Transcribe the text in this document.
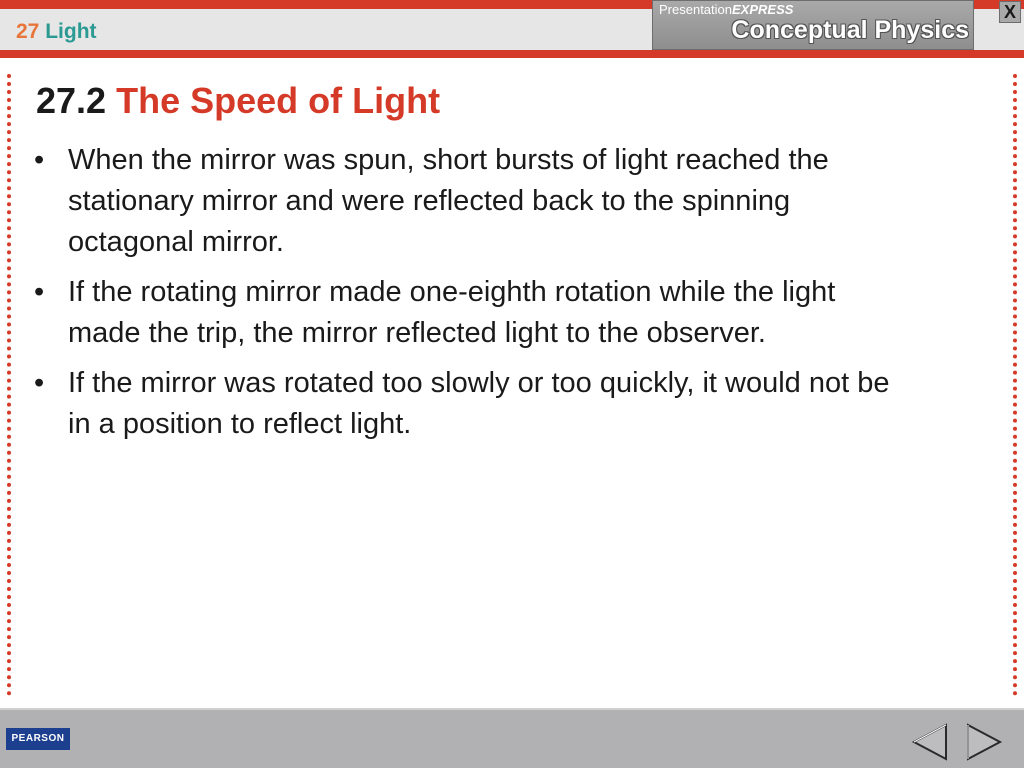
27 Light
PresentationEXPRESS
Conceptual Physics
X
27.2 The Speed of Light
• When the mirror was spun, short bursts of light reached the stationary mirror and were reflected back to the spinning octagonal mirror.
• If the rotating mirror made one-eighth rotation while the light made the trip, the mirror reflected light to the observer.
• If the mirror was rotated too slowly or too quickly, it would not be in a position to reflect light.
PEARSON
